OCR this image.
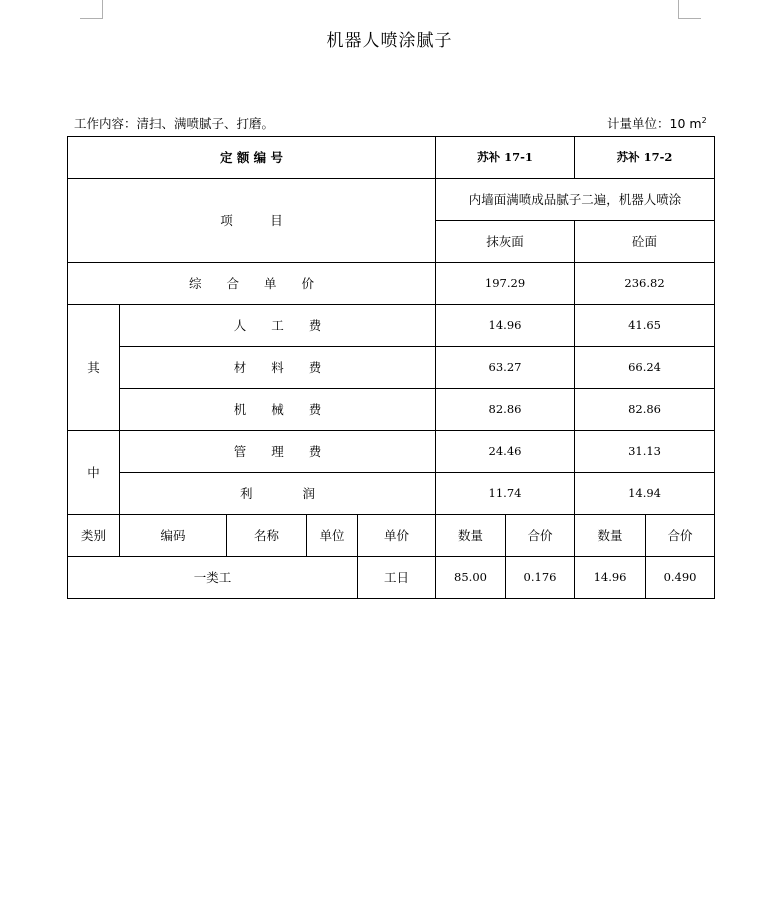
机器人喷涂腻子
工作内容：清扫、满喷腻子、打磨。	计量单位：10 $m^2$
定 额 编 号					苏补 17-1		苏补 17-2	
项　　　目					内墙面满喷成品腻子二遍，机器人喷涂			
					抹灰面		砼面	
综　　合　　单　　价					197.29		236.82	
其	人　　工　　费				14.96		41.65	
	材　　料　　费				63.27		66.24	
	机　　械　　费				82.86		82.86	
中	管　　理　　费				24.46		31.13	
	利　　　　润				11.74		14.94	
类别	编码	名称	单位	单价	数量	合价	数量	合价
一类工				工日	85.00	0.176	14.96	0.490
